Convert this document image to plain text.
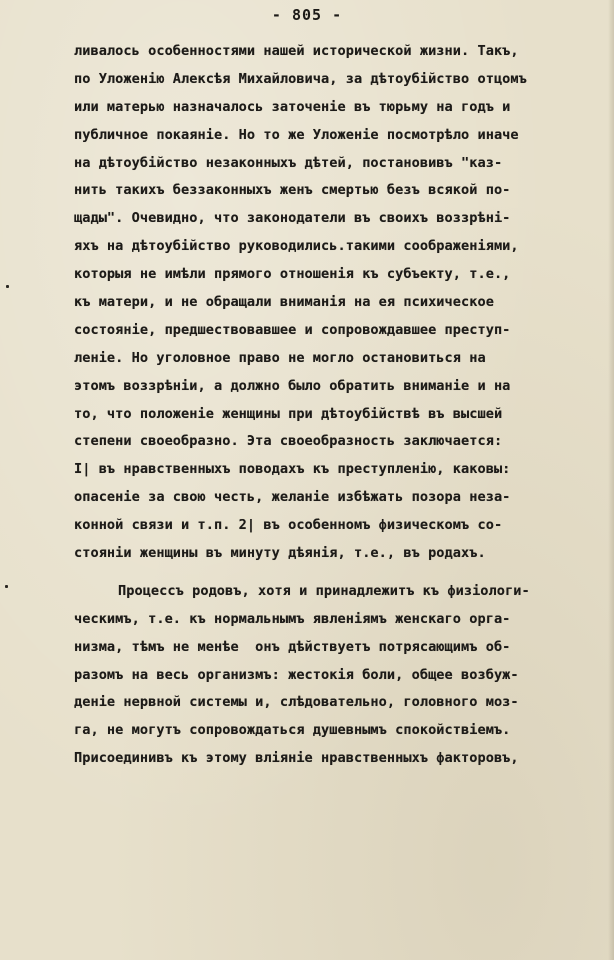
- 805 -
ливалось особенностями нашей исторической жизни. Такъ,
по Уложенію Алексѣя Михайловича, за дѣтоубійство отцомъ
или матерью назначалось заточеніе въ тюрьму на годъ и
публичное покаяніе. Но то же Уложеніе посмотрѣло иначе
на дѣтоубійство незаконныхъ дѣтей, постановивъ "каз-
нить такихъ беззаконныхъ женъ смертью безъ всякой по-
щады". Очевидно, что законодатели въ своихъ воззрѣні-
яхъ на дѣтоубійство руководились.такими соображеніями,
которыя не имѣли прямого отношенія къ субъекту, т.е.,
къ матери, и не обращали вниманія на ея психическое
состояніе, предшествовавшее и сопровождавшее преступ-
леніе. Но уголовное право не могло остановиться на
этомъ воззрѣніи, а должно было обратить вниманіе и на
то, что положеніе женщины при дѣтоубійствѣ въ высшей
степени своеобразно. Эта своеобразность заключается:
I| въ нравственныхъ поводахъ къ преступленію, каковы:
опасеніе за свою честь, желаніе избѣжать позора неза-
конной связи и т.п. 2| въ особенномъ физическомъ со-
стояніи женщины въ минуту дѣянія, т.е., въ родахъ.
Процессъ родовъ, хотя и принадлежитъ къ физіологи-
ческимъ, т.е. къ нормальнымъ явленіямъ женскаго орга-
низма, тѣмъ не менѣе  онъ дѣйствуетъ потрясающимъ об-
разомъ на весь организмъ: жестокія боли, общее возбуж-
деніе нервной системы и, слѣдовательно, головного моз-
га, не могутъ сопровождаться душевнымъ спокойствіемъ.
Присоединивъ къ этому вліяніе нравственныхъ факторовъ,
